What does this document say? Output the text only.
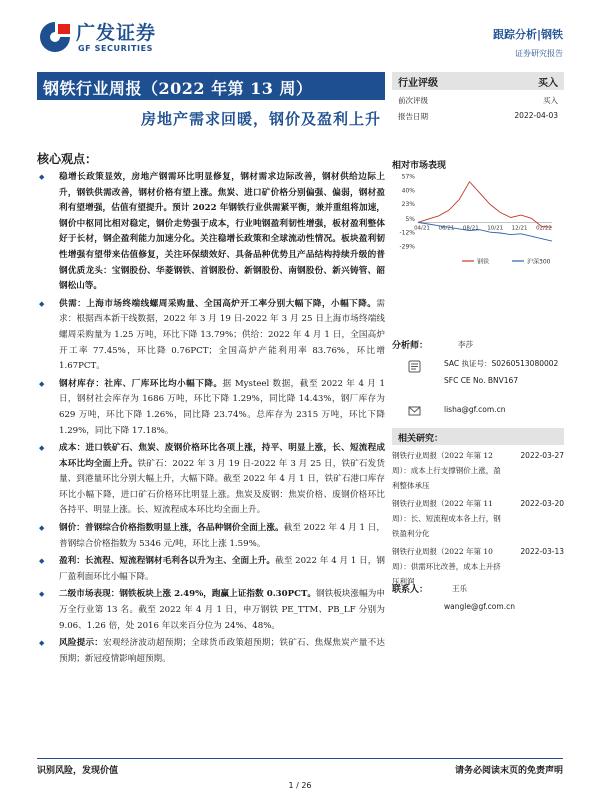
广发证券
GF SECURITIES
跟踪分析|钢铁
证券研究报告
钢铁行业周报（2022 年第 13 周）
房地产需求回暖，钢价及盈利上升
行业评级	买入
前次评级	买入
报告日期	2022-04-03
相对市场表现
57%
40%
23%
5%
-12%
-29%
04/21 06/21 08/21 10/21 12/21 02/22
钢铁	沪深300
分析师：	李莎
SAC 执证号：S0260513080002
SFC CE No. BNV167
lisha@gf.com.cn
相关研究：
钢铁行业周报（2022 年第 12 周）：成本上行支撑钢价上涨，盈利整体承压
2022-03-27
钢铁行业周报（2022 年第 11 周）：长、短流程成本各上行，钢铁盈利分化
2022-03-20
钢铁行业周报（2022 年第 10 周）：供需环比改善，成本上升挤压利润
2022-03-13
联系人：	王乐
wangle@gf.com.cn
核心观点：
◆ 稳增长政策显效，房地产钢需环比明显修复，钢材需求边际改善，钢材供给边际上升，钢铁供需改善，钢材价格有望上涨。焦炭、进口矿价格分别偏强、偏弱，钢材盈利有望增强，估值有望提升。预计 2022 年钢铁行业供需紧平衡，兼并重组将加速，钢价中枢同比相对稳定，钢价走势强于成本，行业吨钢盈利韧性增强，板材盈利整体好于长材，钢企盈利能力加速分化。关注稳增长政策和全球流动性情况。板块盈利韧性增强有望带来估值修复，关注环保绩效好、具备品种优势且产品结构持续升级的普钢优质龙头：宝钢股份、华菱钢铁、首钢股份、新钢股份、南钢股份、新兴铸管、韶钢松山等。
◆ 供需：上海市场终端线螺周采购量、全国高炉开工率分别大幅下降，小幅下降。需求：根据西本新干线数据，2022 年 3 月 19 日-2022 年 3 月 25 日上海市场终端线螺周采购量为 1.25 万吨，环比下降 13.79%；供给：2022 年 4 月 1 日，全国高炉开工率 77.45%，环比降 0.76PCT；全国高炉产能利用率 83.76%，环比增 1.67PCT。
◆ 钢材库存：社库、厂库环比均小幅下降。据 Mysteel 数据，截至 2022 年 4 月 1 日，钢材社会库存为 1686 万吨，环比下降 1.29%，同比降 14.43%，钢厂库存为 629 万吨，环比下降 1.26%，同比降 23.74%。总库存为 2315 万吨，环比下降 1.29%，同比下降 17.18%。
◆ 成本：进口铁矿石、焦炭、废钢价格环比各项上涨，持平、明显上涨，长、短流程成本环比均全面上升。铁矿石：2022 年 3 月 19 日-2022 年 3 月 25 日，铁矿石发货量、到港量环比分别大幅上升，大幅下降。截至 2022 年 4 月 1 日，铁矿石港口库存环比小幅下降，进口矿石价格环比明显上涨。焦炭及废钢：焦炭价格、废钢价格环比各持平、明显上涨。长、短流程成本环比均全面上升。
◆ 钢价：普钢综合价格指数明显上涨，各品种钢价全面上涨。截至 2022 年 4 月 1 日，普钢综合价格指数为 5346 元/吨，环比上涨 1.59%。
◆ 盈利：长流程、短流程钢材毛利各以升为主、全面上升。截至 2022 年 4 月 1 日，钢厂盈利面环比小幅下降。
◆ 二级市场表现：钢铁板块上涨 2.49%，跑赢上证指数 0.30PCT。钢铁板块涨幅为申万全行业第 13 名。截至 2022 年 4 月 1 日，申万钢铁 PE_TTM、PB_LF 分别为 9.06、1.26 倍，处 2016 年以来百分位为 24%、48%。
◆ 风险提示：宏观经济波动超预期；全球货币政策超预期；铁矿石、焦煤焦炭产量不达预期；新冠疫情影响超预期。
识别风险，发现价值	请务必阅读末页的免责声明
1 / 26
